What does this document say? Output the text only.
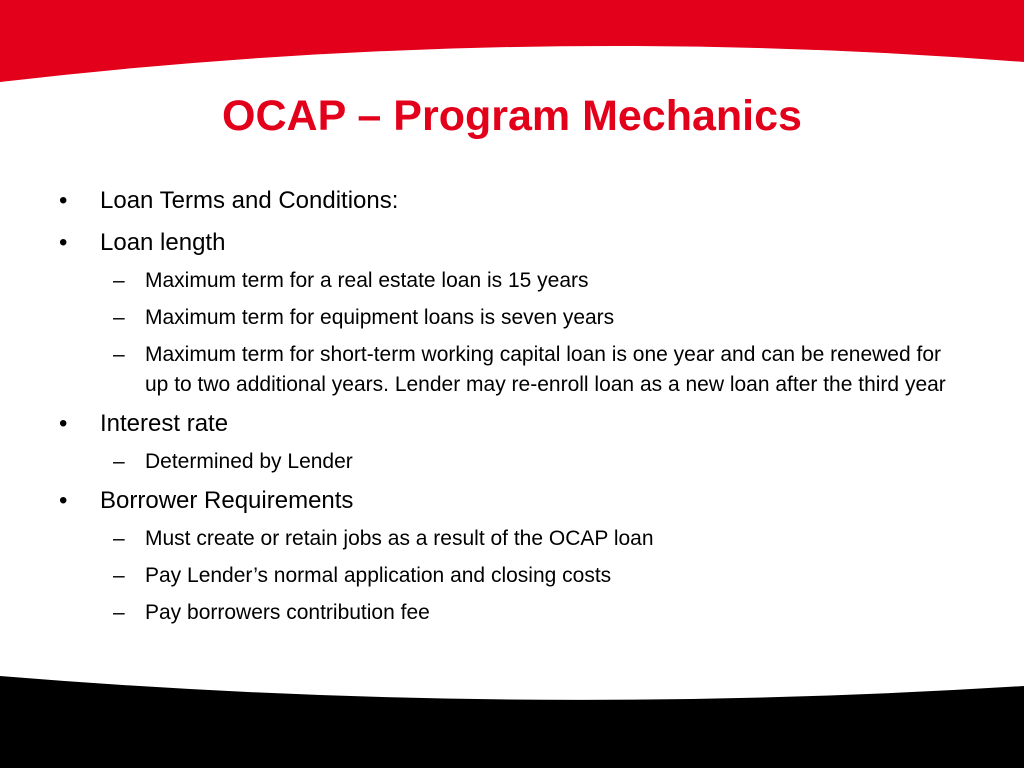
OCAP – Program Mechanics
• Loan Terms and Conditions:
• Loan length
– Maximum term for a real estate loan is 15 years
– Maximum term for equipment loans is seven years
– Maximum term for short-term working capital loan is one year and can be renewed for up to two additional years. Lender may re-enroll loan as a new loan after the third year
• Interest rate
– Determined by Lender
• Borrower Requirements
– Must create or retain jobs as a result of the OCAP loan
– Pay Lender’s normal application and closing costs
– Pay borrowers contribution fee
